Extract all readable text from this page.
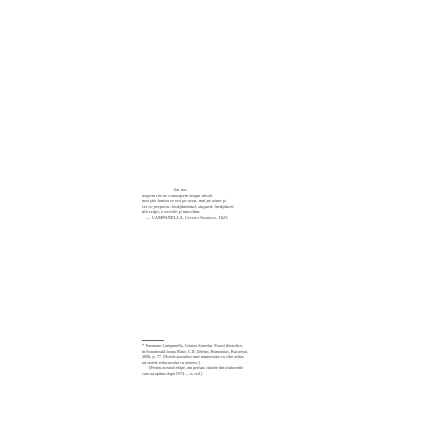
Iar noi
naştem cât ne cunoaştem singur decât
mai ştie lumea ce noi pe acea, mai pe atare şi
cei ce preţuiesc învăţământul, singură, învăţătură
din crăpi, e nevoile şi măcelăm.
— CAMPANELLA, Cetatea Soarelui, 1623
* Tommaso Campanella, Cetatea Soarelui. Poezii filozofice,
în Sorodonală Ioana Elian, C.D. Zeletin, Humanitas, Bucureşti,
2006, p. 77. [Notele autorului sunt numerotate cu cifre arabe,
iar notele redactorului cu asterisc.]
[Pentru această ediţie, am preluat citatele din traducerile
care au apărut după 1974 — n. red.]
